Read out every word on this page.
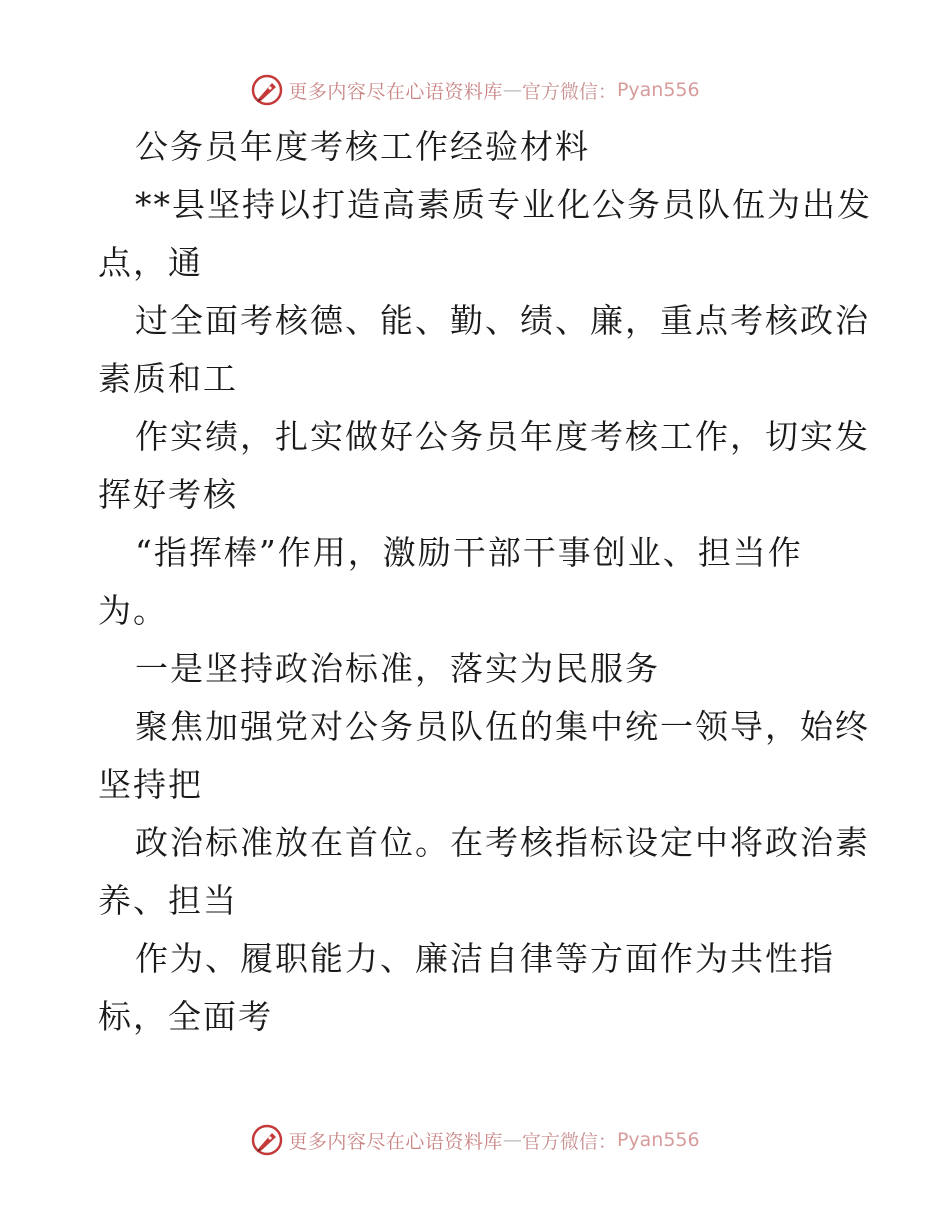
更多内容尽在心语资料库 — 官方微信： Pyan556
公务员年度考核工作经验材料
**县坚持以打造高素质专业化公务员队伍为出发
点，通
过全面考核德、能、勤、绩、廉，重点考核政治
素质和工
作实绩，扎实做好公务员年度考核工作，切实发
挥好考核
“指挥棒”作用，激励干部干事创业、担当作
为。
一是坚持政治标准，落实为民服务
聚焦加强党对公务员队伍的集中统一领导，始终
坚持把
政治标准放在首位。在考核指标设定中将政治素
养、担当
作为、履职能力、廉洁自律等方面作为共性指
标，全面考
更多内容尽在心语资料库 — 官方微信： Pyan556
